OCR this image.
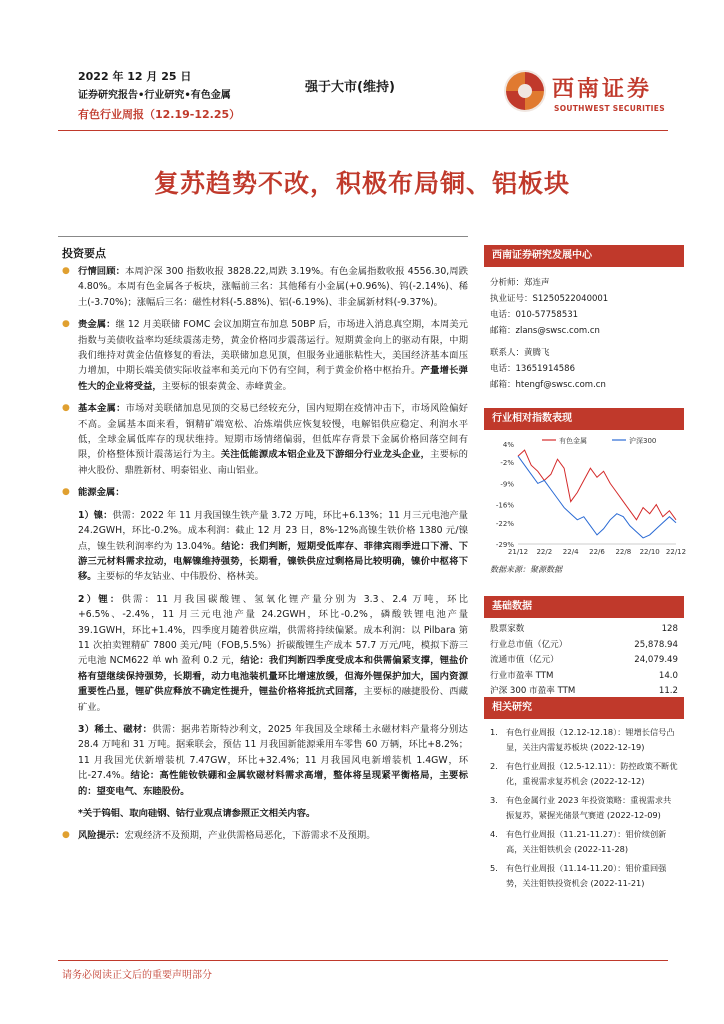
2022 年 12 月 25 日
证券研究报告•行业研究•有色金属
有色行业周报（12.19-12.25）
强于大市(维持)	西南证券
SOUTHWEST SECURITIES
复苏趋势不改，积极布局铜、铝板块
投资要点

● 行情回顾：本周沪深 300 指数收报 3828.22,周跌 3.19%。有色金属指数收报 4556.30,周跌 4.80%。本周有色金属各子板块，涨幅前三名：其他稀有小金属(+0.96%)、钨(-2.14%)、稀土(-3.70%)；涨幅后三名：磁性材料(-5.88%)、铝(-6.19%)、非金属新材料(-9.37%)。

● 贵金属：继 12 月美联储 FOMC 会议加期宣布加息 50BP 后，市场进入消息真空期，本周美元指数与美债收益率均延续震荡走势，黄金价格同步震荡运行。短期黄金向上的驱动有限，中期我们维持对黄金估值修复的看法，美联储加息见顶，但服务业通胀粘性大，美国经济基本面压力增加，中期长端美债实际收益率和美元向下仍有空间，利于黄金价格中枢抬升。产量增长弹性大的企业将受益，主要标的银泰黄金、赤峰黄金。

● 基本金属：市场对美联储加息见顶的交易已经较充分，国内短期在疫情冲击下，市场风险偏好不高。金属基本面来看，铜精矿端宽松、冶炼端供应恢复较慢，电解铝供应稳定、利润水平低，全球金属低库存的现状维持。短期市场情绪偏弱，但低库存背景下金属价格回落空间有限，价格整体预计震荡运行为主。关注低能源成本铝企业及下游细分行业龙头企业，主要标的神火股份、鼎胜新材、明泰铝业、南山铝业。

● 能源金属：

1）镍：供需：2022 年 11 月我国镍生铁产量 3.72 万吨，环比+6.13%；11 月三元电池产量 24.2GWH，环比-0.2%。成本利润：截止 12 月 23 日，8%-12%高镍生铁价格 1380 元/镍点，镍生铁利润率约为 13.04%。结论：我们判断，短期受低库存、菲律宾雨季进口下滑、下游三元材料需求拉动，电解镍维持强势，长期看，镍铁供应过剩格局比较明确，镍价中枢将下移。主要标的华友钴业、中伟股份、格林美。

2）锂：供需：11 月我国碳酸锂、氢氧化锂产量分别为 3.3、2.4 万吨，环比+6.5%、-2.4%，11 月三元电池产量 24.2GWH，环比-0.2%，磷酸铁锂电池产量 39.1GWH，环比+1.4%，四季度月随着供应端，供需将持续偏紧。成本利润：以 Pilbara 第 11 次拍卖锂精矿 7800 美元/吨（FOB,5.5%）折碳酸锂生产成本 57.7 万元/吨，模拟下游三元电池 NCM622 单 wh 盈利 0.2 元，结论：我们判断四季度受成本和供需偏紧支撑，锂盐价格有望继续保持强势，长期看，动力电池装机量环比增速放缓，但海外锂保护加大，国内资源重要性凸显，锂矿供应释放不确定性提升，锂盐价格将抵抗式回落，主要标的融捷股份、西藏矿业。

3）稀土、磁材：供需：据弗若斯特沙利文，2025 年我国及全球稀土永磁材料产量将分别达 28.4 万吨和 31 万吨。据乘联会，预估 11 月我国新能源乘用车零售 60 万辆，环比+8.2%；11 月我国光伏新增装机 7.47GW，环比+32.4%；11 月我国风电新增装机 1.4GW，环比-27.4%。结论：高性能钕铁硼和金属软磁材料需求高增，整体将呈现紧平衡格局，主要标的：望变电气、东睦股份。

*关于钨钼、取向硅钢、钴行业观点请参照正文相关内容。

● 风险提示：宏观经济不及预期，产业供需格局恶化，下游需求不及预期。

西南证券研究发展中心
分析师：郑连声
执业证号：S1250522040001
电话：010-57758531
邮箱：zlans@swsc.com.cn
联系人：黄腾飞
电话：13651914586
邮箱：htengf@swsc.com.cn
行业相对指数表现
4%
-2%
-9%
-16%
-22%
-29%
21/12 22/2 22/4 22/6 22/8 22/10 22/12
有色金属	沪深300
数据来源：聚源数据
基础数据
股票家数	128
行业总市值（亿元）	25,878.94
流通市值（亿元）	24,079.49
行业市盈率 TTM	14.0
沪深 300 市盈率 TTM	11.2
相关研究
1. 有色行业周报（12.12-12.18）：锂增长信号凸显，关注内需复苏板块 (2022-12-19)
2. 有色行业周报（12.5-12.11）：防控政策不断优化，重视需求复苏机会 (2022-12-12)
3. 有色金属行业 2023 年投资策略：重视需求共振复苏，紧握光储景气赛道 (2022-12-09)
4. 有色行业周报（11.21-11.27）：钼价续创新高，关注钼铁机会 (2022-11-28)
5. 有色行业周报（11.14-11.20）：钼价重回强势，关注钼铁投资机会 (2022-11-21)
请务必阅读正文后的重要声明部分
